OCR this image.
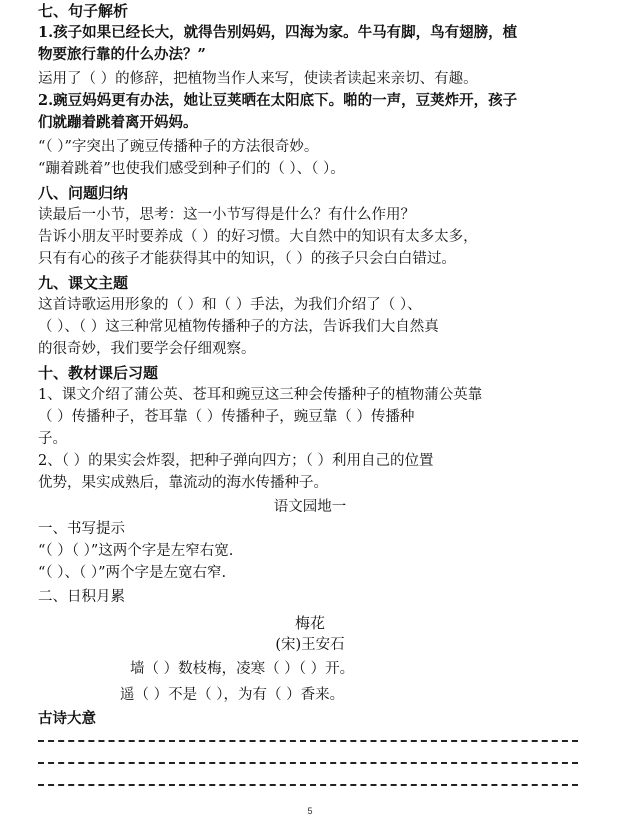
七、句子解析
1.孩子如果已经长大，就得告别妈妈，四海为家。牛马有脚，鸟有翅膀，植
物要旅行靠的什么办法？”
运用了（ ）的修辞，把植物当作人来写，使读者读起来亲切、有趣。
2.豌豆妈妈更有办法，她让豆荚晒在太阳底下。啪的一声，豆荚炸开，孩子
们就蹦着跳着离开妈妈。
“（ ）”字突出了豌豆传播种子的方法很奇妙。
“蹦着跳着”也使我们感受到种子们的（ ）、（ ）。
八、问题归纳
读最后一小节，思考：这一小节写得是什么？有什么作用？
告诉小朋友平时要养成（ ）的好习惯。大自然中的知识有太多太多，
只有有心的孩子才能获得其中的知识，（ ）的孩子只会白白错过。
九、课文主题
这首诗歌运用形象的（ ）和（ ）手法，为我们介绍了（ ）、
（ ）、（ ）这三种常见植物传播种子的方法，告诉我们大自然真
的很奇妙，我们要学会仔细观察。
十、教材课后习题
1、课文介绍了蒲公英、苍耳和豌豆这三种会传播种子的植物蒲公英靠
（ ）传播种子，苍耳靠（ ）传播种子，豌豆靠（ ）传播种
子。
2、（ ）的果实会炸裂，把种子弹向四方；（ ）利用自己的位置
优势，果实成熟后，靠流动的海水传播种子。
语文园地一
一、书写提示
“（ ）（ ）”这两个字是左窄右宽.
“（ ）、（ ）”两个字是左宽右窄.
二、日积月累
梅花
(宋)王安石
墙（ ）数枝梅，凌寒（ ）（ ）开。
遥（ ）不是（ ），为有（ ）香来。
古诗大意
5
